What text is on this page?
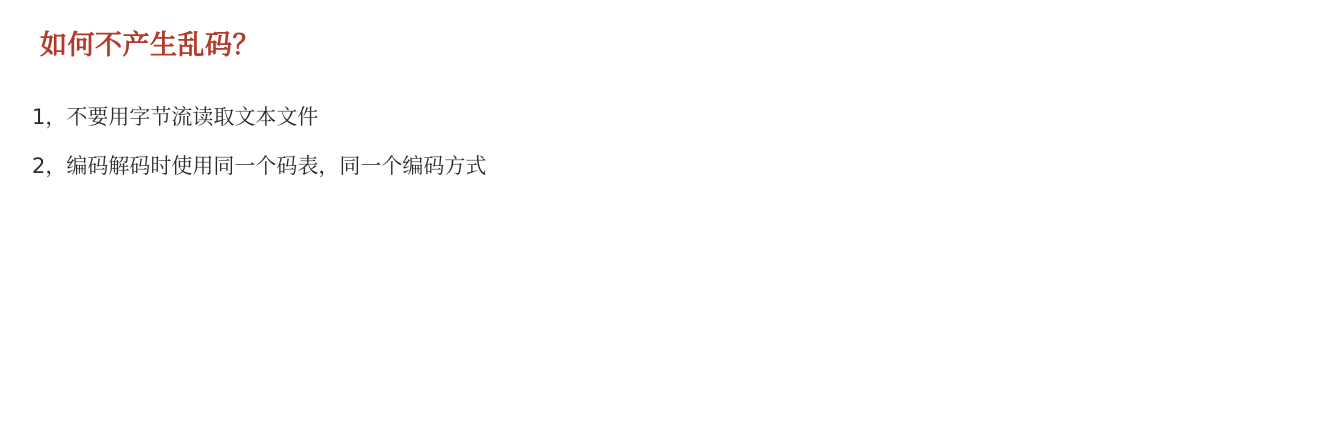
如何不产生乱码？
1，不要用字节流读取文本文件
2，编码解码时使用同一个码表，同一个编码方式
